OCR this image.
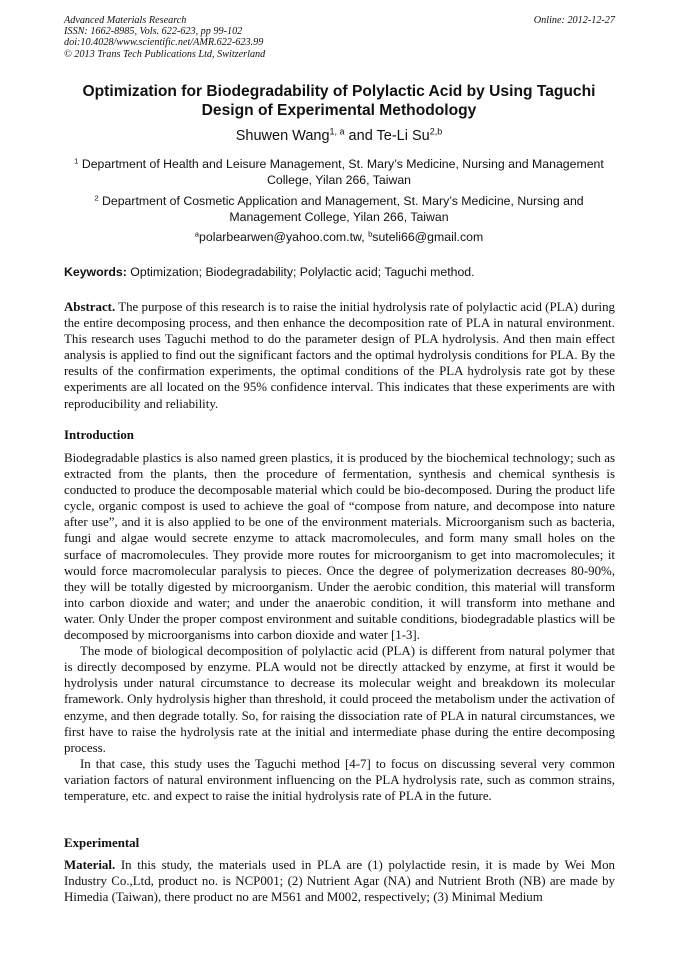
Advanced Materials Research
ISSN: 1662-8985, Vols. 622-623, pp 99-102
doi:10.4028/www.scientific.net/AMR.622-623.99
© 2013 Trans Tech Publications Ltd, Switzerland
Online: 2012-12-27
Optimization for Biodegradability of Polylactic Acid by Using Taguchi Design of Experimental Methodology
Shuwen Wang$^{1, a}$ and Te-Li Su$^{2,b}$
$^1$ Department of Health and Leisure Management, St. Mary’s Medicine, Nursing and Management College, Yilan 266, Taiwan
$^2$ Department of Cosmetic Application and Management, St. Mary’s Medicine, Nursing and Management College, Yilan 266, Taiwan
$^a$polarbearwen@yahoo.com.tw, $^b$suteli66@gmail.com
Keywords: Optimization; Biodegradability; Polylactic acid; Taguchi method.

Abstract. The purpose of this research is to raise the initial hydrolysis rate of polylactic acid (PLA) during the entire decomposing process, and then enhance the decomposition rate of PLA in natural environment. This research uses Taguchi method to do the parameter design of PLA hydrolysis. And then main effect analysis is applied to find out the significant factors and the optimal hydrolysis conditions for PLA. By the results of the confirmation experiments, the optimal conditions of the PLA hydrolysis rate got by these experiments are all located on the 95% confidence interval. This indicates that these experiments are with reproducibility and reliability.

Introduction

Biodegradable plastics is also named green plastics, it is produced by the biochemical technology; such as extracted from the plants, then the procedure of fermentation, synthesis and chemical synthesis is conducted to produce the decomposable material which could be bio-decomposed. During the product life cycle, organic compost is used to achieve the goal of “compose from nature, and decompose into nature after use”, and it is also applied to be one of the environment materials. Microorganism such as bacteria, fungi and algae would secrete enzyme to attack macromolecules, and form many small holes on the surface of macromolecules. They provide more routes for microorganism to get into macromolecules; it would force macromolecular paralysis to pieces. Once the degree of polymerization decreases 80-90%, they will be totally digested by microorganism. Under the aerobic condition, this material will transform into carbon dioxide and water; and under the anaerobic condition, it will transform into methane and water. Only Under the proper compost environment and suitable conditions, biodegradable plastics will be decomposed by microorganisms into carbon dioxide and water [1-3].

The mode of biological decomposition of polylactic acid (PLA) is different from natural polymer that is directly decomposed by enzyme. PLA would not be directly attacked by enzyme, at first it would be hydrolysis under natural circumstance to decrease its molecular weight and breakdown its molecular framework. Only hydrolysis higher than threshold, it could proceed the metabolism under the activation of enzyme, and then degrade totally. So, for raising the dissociation rate of PLA in natural circumstances, we first have to raise the hydrolysis rate at the initial and intermediate phase during the entire decomposing process.

In that case, this study uses the Taguchi method [4-7] to focus on discussing several very common variation factors of natural environment influencing on the PLA hydrolysis rate, such as common strains, temperature, etc. and expect to raise the initial hydrolysis rate of PLA in the future.

Experimental

Material. In this study, the materials used in PLA are (1) polylactide resin, it is made by Wei Mon Industry Co.,Ltd, product no. is NCP001; (2) Nutrient Agar (NA) and Nutrient Broth (NB) are made by Himedia (Taiwan), there product no are M561 and M002, respectively; (3) Minimal Medium
